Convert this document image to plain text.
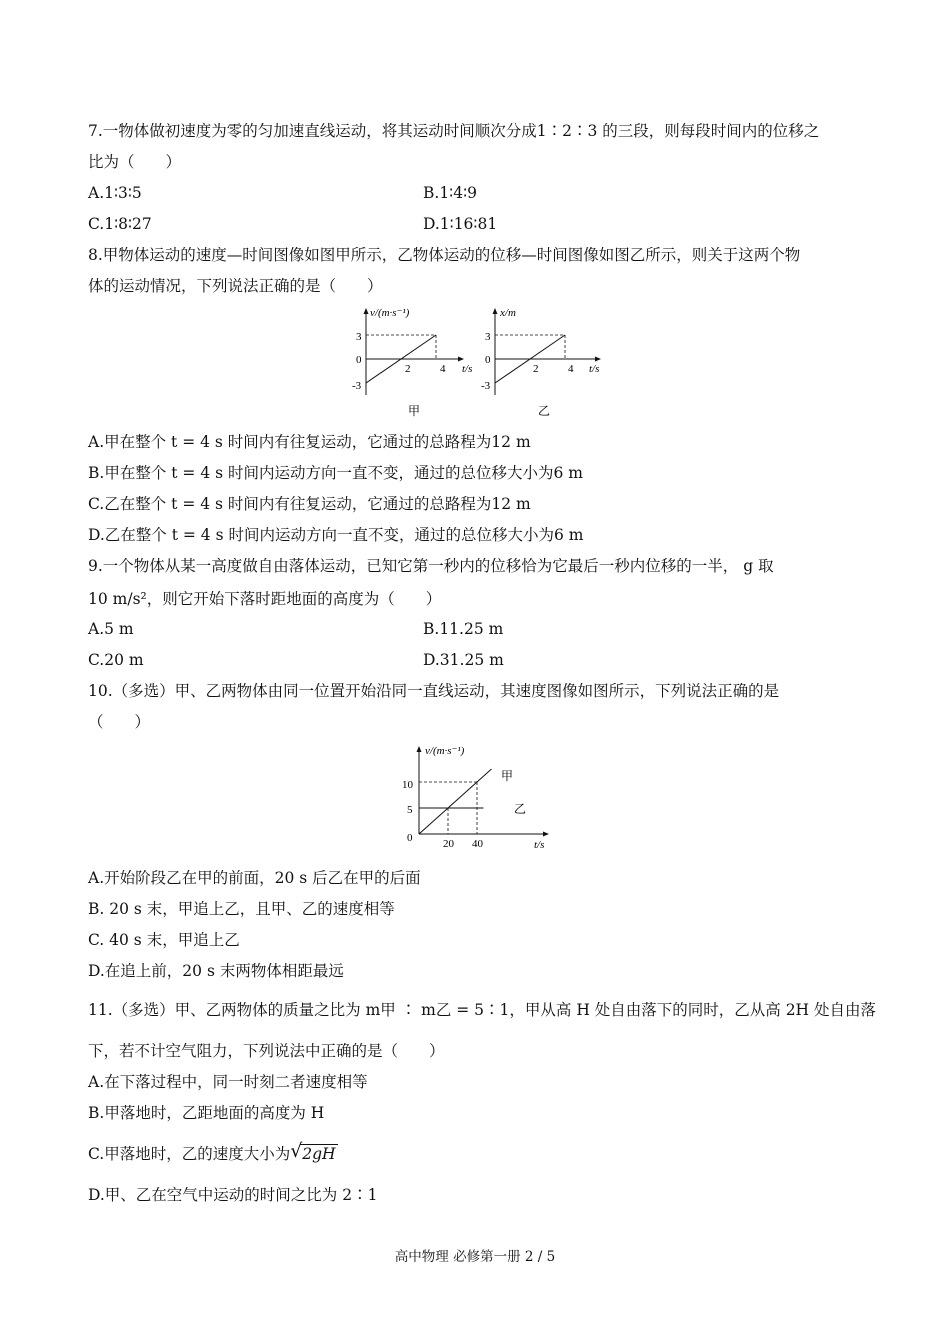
7.一物体做初速度为零的匀加速直线运动，将其运动时间顺次分成1∶2∶3 的三段，则每段时间内的位移之
比为（　　）
A.1∶3∶5	B.1∶4∶9
C.1∶8∶27	D.1∶16∶81
8.甲物体运动的速度—时间图像如图甲所示，乙物体运动的位移—时间图像如图乙所示，则关于这两个物
体的运动情况，下列说法正确的是（　　）
v/(m·s⁻¹)
3
0
-3
2	4 t/s
甲
x/m
3
0
-3
2	4 t/s
乙
A.甲在整个 t = 4 s 时间内有往复运动，它通过的总路程为12 m
B.甲在整个 t = 4 s 时间内运动方向一直不变，通过的总位移大小为6 m
C.乙在整个 t = 4 s 时间内有往复运动，它通过的总路程为12 m
D.乙在整个 t = 4 s 时间内运动方向一直不变，通过的总位移大小为6 m
9.一个物体从某一高度做自由落体运动，已知它第一秒内的位移恰为它最后一秒内位移的一半， g 取
10 m/s²，则它开始下落时距地面的高度为（　　）
A.5 m	B.11.25 m
C.20 m	D.31.25 m
10.（多选）甲、乙两物体由同一位置开始沿同一直线运动，其速度图像如图所示，下列说法正确的是
（　　）
v/(m·s⁻¹)
10
5
0	20 40	t/s
甲
乙
A.开始阶段乙在甲的前面，20 s 后乙在甲的后面
B. 20 s 末，甲追上乙，且甲、乙的速度相等
C. 40 s 末，甲追上乙
D.在追上前，20 s 末两物体相距最远
11.（多选）甲、乙两物体的质量之比为 m甲 ∶ m乙 = 5∶1，甲从高 H 处自由落下的同时，乙从高 2H 处自由落
下，若不计空气阻力，下列说法中正确的是（　　）
A.在下落过程中，同一时刻二者速度相等
B.甲落地时，乙距地面的高度为 H
C.甲落地时，乙的速度大小为 √ 2gH
D.甲、乙在空气中运动的时间之比为 2∶1
高中物理 必修第一册 2 / 5
